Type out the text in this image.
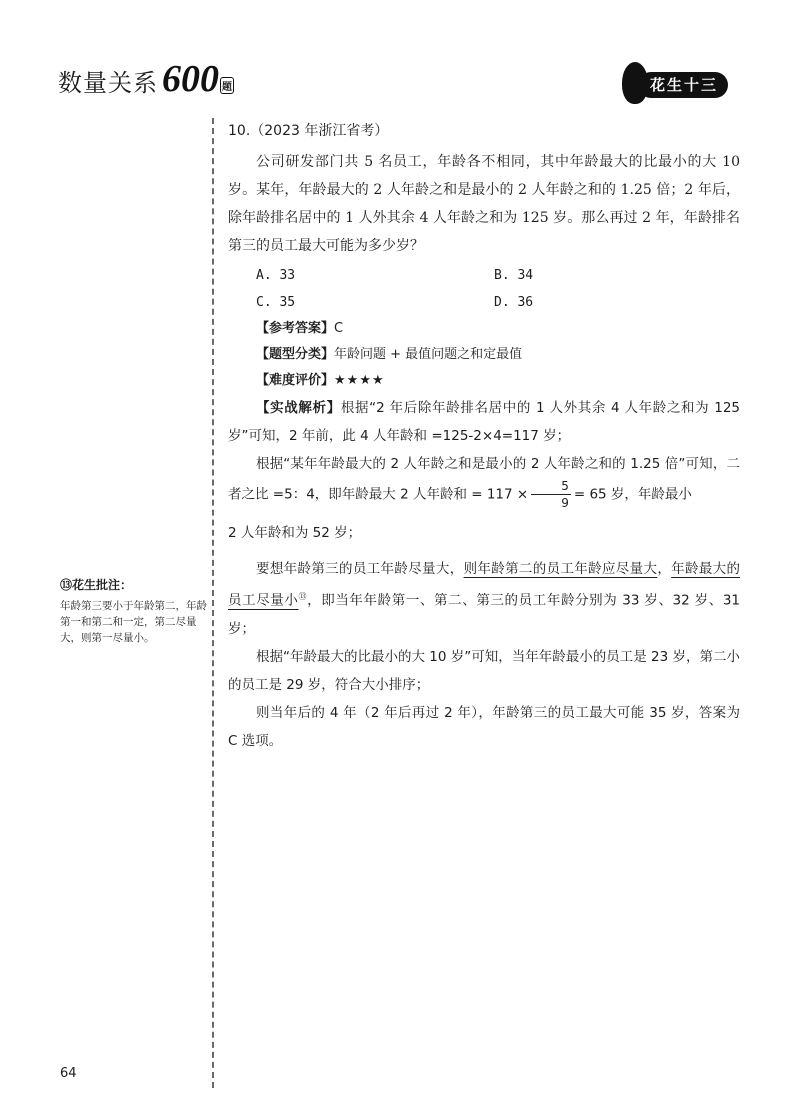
数量关系 600 题	花生十三
10.（2023 年浙江省考）

公司研发部门共 5 名员工，年龄各不相同，其中年龄最大的比最小的大 10 岁。某年，年龄最大的 2 人年龄之和是最小的 2 人年龄之和的 1.25 倍；2 年后，除年龄排名居中的 1 人外其余 4 人年龄之和为 125 岁。那么再过 2 年，年龄排名第三的员工最大可能为多少岁？

A. 33	B. 34
C. 35	D. 36

【参考答案】C

【题型分类】年龄问题 + 最值问题之和定最值

【难度评价】★★★★

【实战解析】根据“2 年后除年龄排名居中的 1 人外其余 4 人年龄之和为 125 岁”可知，2 年前，此 4 人年龄和 =125-2×4=117 岁；

根据“某年年龄最大的 2 人年龄之和是最小的 2 人年龄之和的 1.25 倍”可知，二者之比 =5：4，即年龄最大 2 人年龄和 = $117 \times \frac{5}{9} = 65$ 岁，年龄最小

2 人年龄和为 52 岁；

要想年龄第三的员工年龄尽量大，则年龄第二的员工年龄应尽量大，年龄最大的员工尽量小⑬，即当年年龄第一、第二、第三的员工年龄分别为 33 岁、32 岁、31 岁；

根据“年龄最大的比最小的大 10 岁”可知，当年年龄最小的员工是 23 岁，第二小的员工是 29 岁，符合大小排序；

则当年后的 4 年（2 年后再过 2 年），年龄第三的员工最大可能 35 岁，答案为 C 选项。

⑬花生批注：
年龄第三要小于年龄第二，年龄第一和第二和一定，第二尽量大，则第一尽量小。
64
